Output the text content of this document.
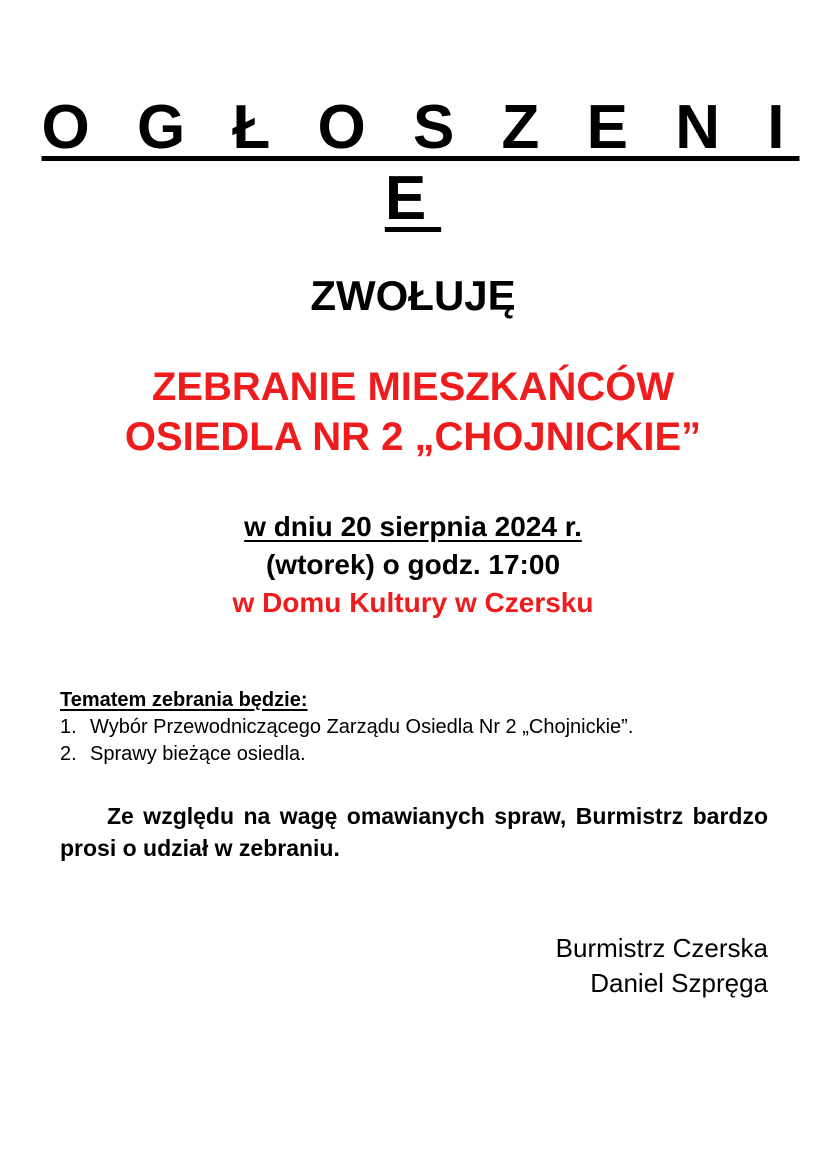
O G Ł O S Z E N I E
ZWOŁUJĘ
ZEBRANIE MIESZKAŃCÓW
OSIEDLA NR 2 „CHOJNICKIE”
w dniu 20 sierpnia 2024 r.
(wtorek) o godz. 17:00
w Domu Kultury w Czersku
Tematem zebrania będzie:
1. Wybór Przewodniczącego Zarządu Osiedla Nr 2 „Chojnickie”.
2. Sprawy bieżące osiedla.
Ze względu na wagę omawianych spraw, Burmistrz bardzo prosi o udział w zebraniu.
Burmistrz Czerska
Daniel Szpręga
